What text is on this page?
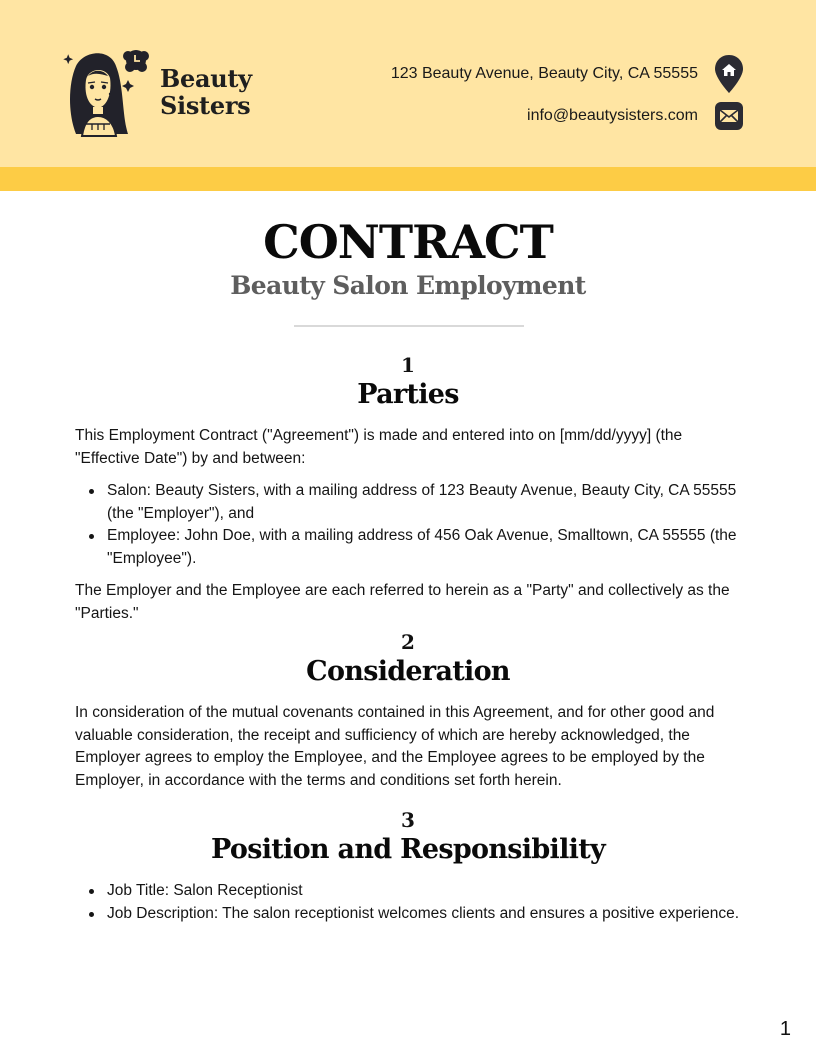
Beauty
Sisters
123 Beauty Avenue, Beauty City, CA 55555
info@beautysisters.com
CONTRACT
Beauty Salon Employment
1
Parties

This Employment Contract ("Agreement") is made and entered into on [mm/dd/yyyy] (the "Effective Date") by and between:

Salon: Beauty Sisters, with a mailing address of 123 Beauty Avenue, Beauty City, CA 55555 (the "Employer"), and
Employee: John Doe, with a mailing address of 456 Oak Avenue, Smalltown, CA 55555 (the "Employee").

The Employer and the Employee are each referred to herein as a "Party" and collectively as the "Parties."

2
Consideration

In consideration of the mutual covenants contained in this Agreement, and for other good and valuable consideration, the receipt and sufficiency of which are hereby acknowledged, the Employer agrees to employ the Employee, and the Employee agrees to be employed by the Employer, in accordance with the terms and conditions set forth herein.

3
Position and Responsibility
Job Title: Salon Receptionist
Job Description: The salon receptionist welcomes clients and ensures a positive experience.
1
